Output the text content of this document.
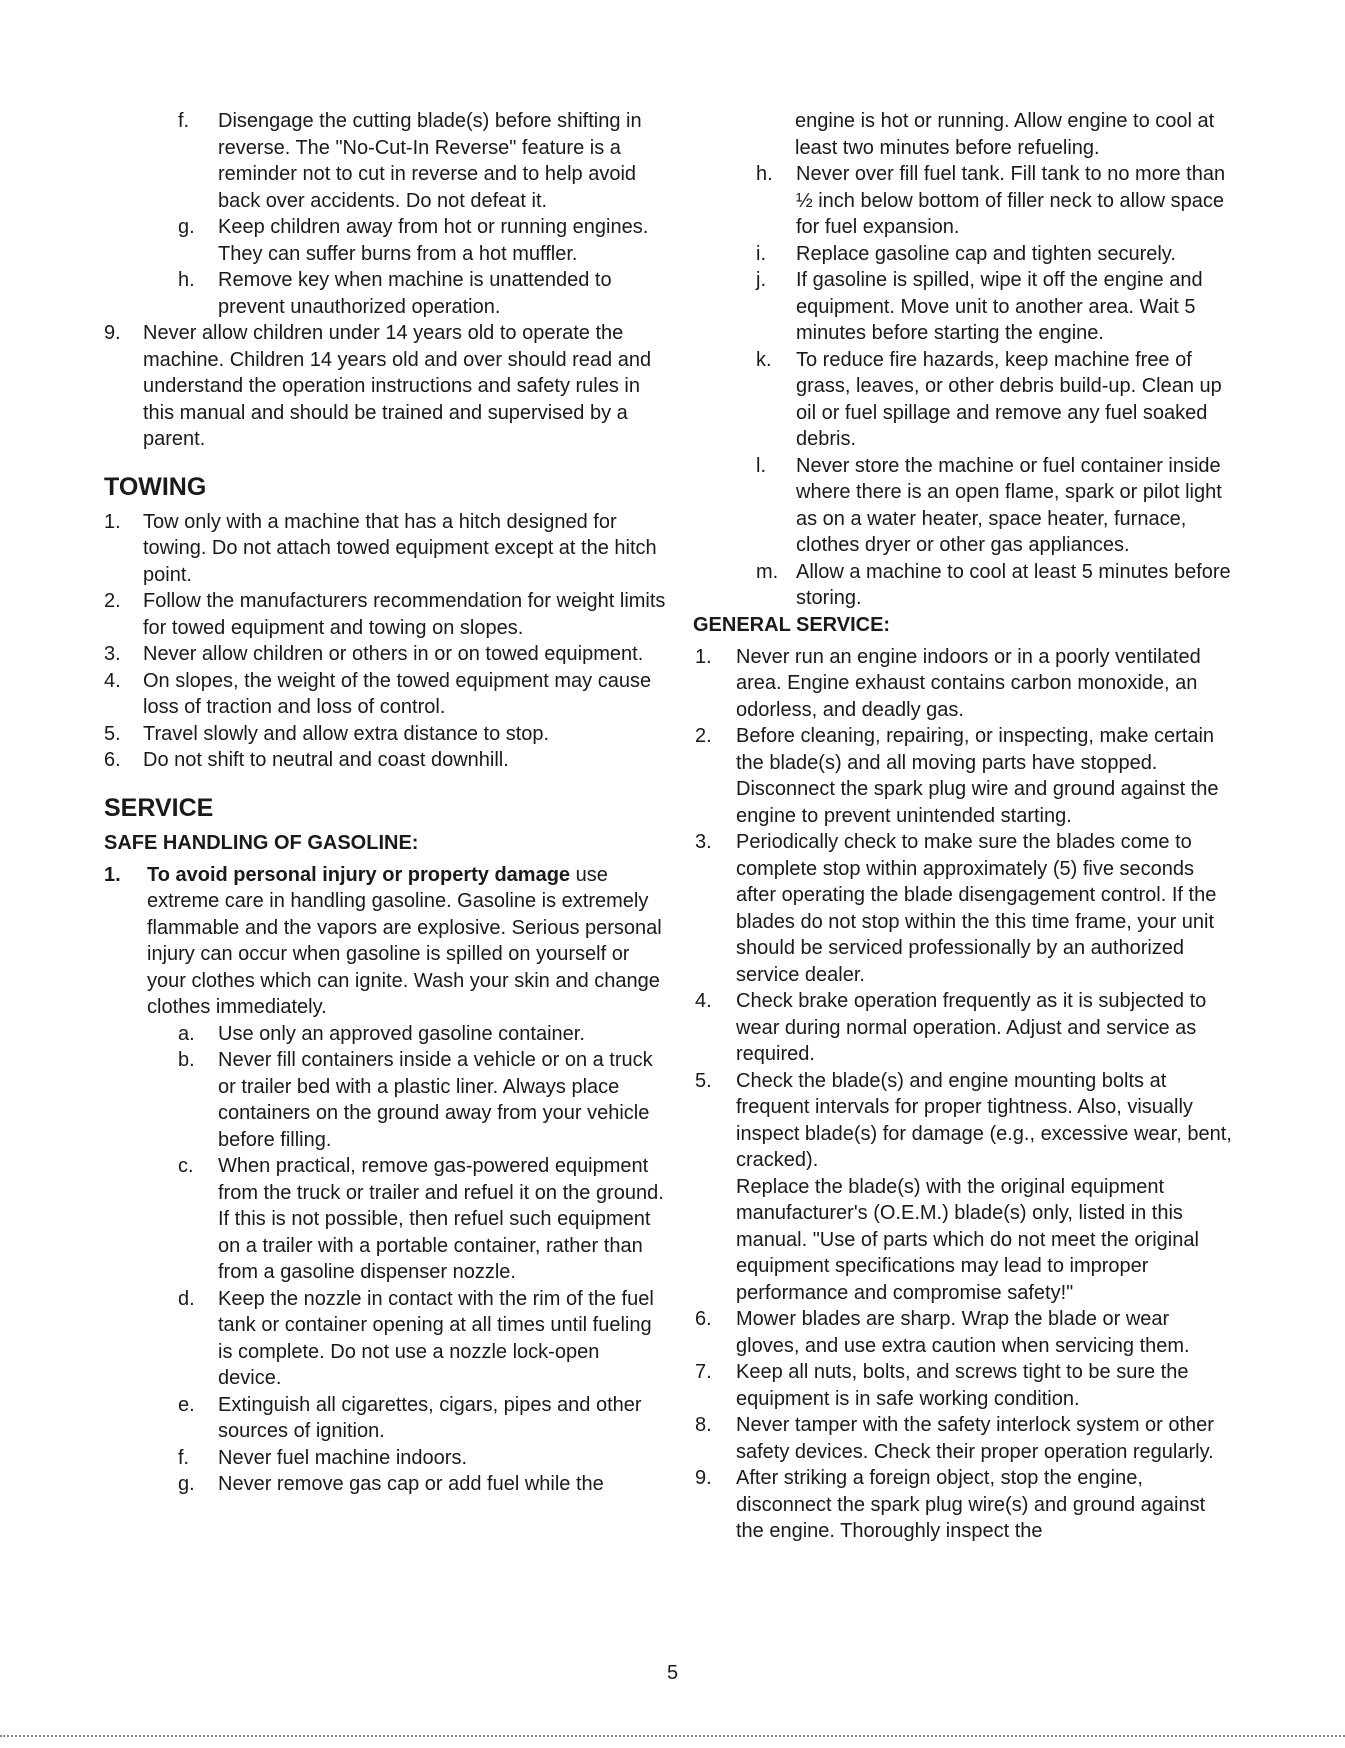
f. Disengage the cutting blade(s) before shifting in reverse. The "No-Cut-In Reverse" feature is a reminder not to cut in reverse and to help avoid back over accidents. Do not defeat it.
g. Keep children away from hot or running engines. They can suffer burns from a hot muffler.
h. Remove key when machine is unattended to prevent unauthorized operation.
9. Never allow children under 14 years old to operate the machine. Children 14 years old and over should read and understand the operation instructions and safety rules in this manual and should be trained and supervised by a parent.
TOWING
1. Tow only with a machine that has a hitch designed for towing. Do not attach towed equipment except at the hitch point.
2. Follow the manufacturers recommendation for weight limits for towed equipment and towing on slopes.
3. Never allow children or others in or on towed equipment.
4. On slopes, the weight of the towed equipment may cause loss of traction and loss of control.
5. Travel slowly and allow extra distance to stop.
6. Do not shift to neutral and coast downhill.
SERVICE
SAFE HANDLING OF GASOLINE:
1. To avoid personal injury or property damage use extreme care in handling gasoline. Gasoline is extremely flammable and the vapors are explosive. Serious personal injury can occur when gasoline is spilled on yourself or your clothes which can ignite. Wash your skin and change clothes immediately.
a. Use only an approved gasoline container.
b. Never fill containers inside a vehicle or on a truck or trailer bed with a plastic liner. Always place containers on the ground away from your vehicle before filling.
c. When practical, remove gas-powered equipment from the truck or trailer and refuel it on the ground. If this is not possible, then refuel such equipment on a trailer with a portable container, rather than from a gasoline dispenser nozzle.
d. Keep the nozzle in contact with the rim of the fuel tank or container opening at all times until fueling is complete. Do not use a nozzle lock-open device.
e. Extinguish all cigarettes, cigars, pipes and other sources of ignition.
f. Never fuel machine indoors.
g. Never remove gas cap or add fuel while the
engine is hot or running. Allow engine to cool at least two minutes before refueling.
h. Never over fill fuel tank. Fill tank to no more than ½ inch below bottom of filler neck to allow space for fuel expansion.
i. Replace gasoline cap and tighten securely.
j. If gasoline is spilled, wipe it off the engine and equipment. Move unit to another area. Wait 5 minutes before starting the engine.
k. To reduce fire hazards, keep machine free of grass, leaves, or other debris build-up. Clean up oil or fuel spillage and remove any fuel soaked debris.
l. Never store the machine or fuel container inside where there is an open flame, spark or pilot light as on a water heater, space heater, furnace, clothes dryer or other gas appliances.
m. Allow a machine to cool at least 5 minutes before storing.
GENERAL SERVICE:
1. Never run an engine indoors or in a poorly ventilated area. Engine exhaust contains carbon monoxide, an odorless, and deadly gas.
2. Before cleaning, repairing, or inspecting, make certain the blade(s) and all moving parts have stopped. Disconnect the spark plug wire and ground against the engine to prevent unintended starting.
3. Periodically check to make sure the blades come to complete stop within approximately (5) five seconds after operating the blade disengagement control. If the blades do not stop within the this time frame, your unit should be serviced professionally by an authorized service dealer.
4. Check brake operation frequently as it is subjected to wear during normal operation. Adjust and service as required.
5. Check the blade(s) and engine mounting bolts at frequent intervals for proper tightness. Also, visually inspect blade(s) for damage (e.g., excessive wear, bent, cracked).
Replace the blade(s) with the original equipment manufacturer's (O.E.M.) blade(s) only, listed in this manual. "Use of parts which do not meet the original equipment specifications may lead to improper performance and compromise safety!"
6. Mower blades are sharp. Wrap the blade or wear gloves, and use extra caution when servicing them.
7. Keep all nuts, bolts, and screws tight to be sure the equipment is in safe working condition.
8. Never tamper with the safety interlock system or other safety devices. Check their proper operation regularly.
9. After striking a foreign object, stop the engine, disconnect the spark plug wire(s) and ground against the engine. Thoroughly inspect the
5
